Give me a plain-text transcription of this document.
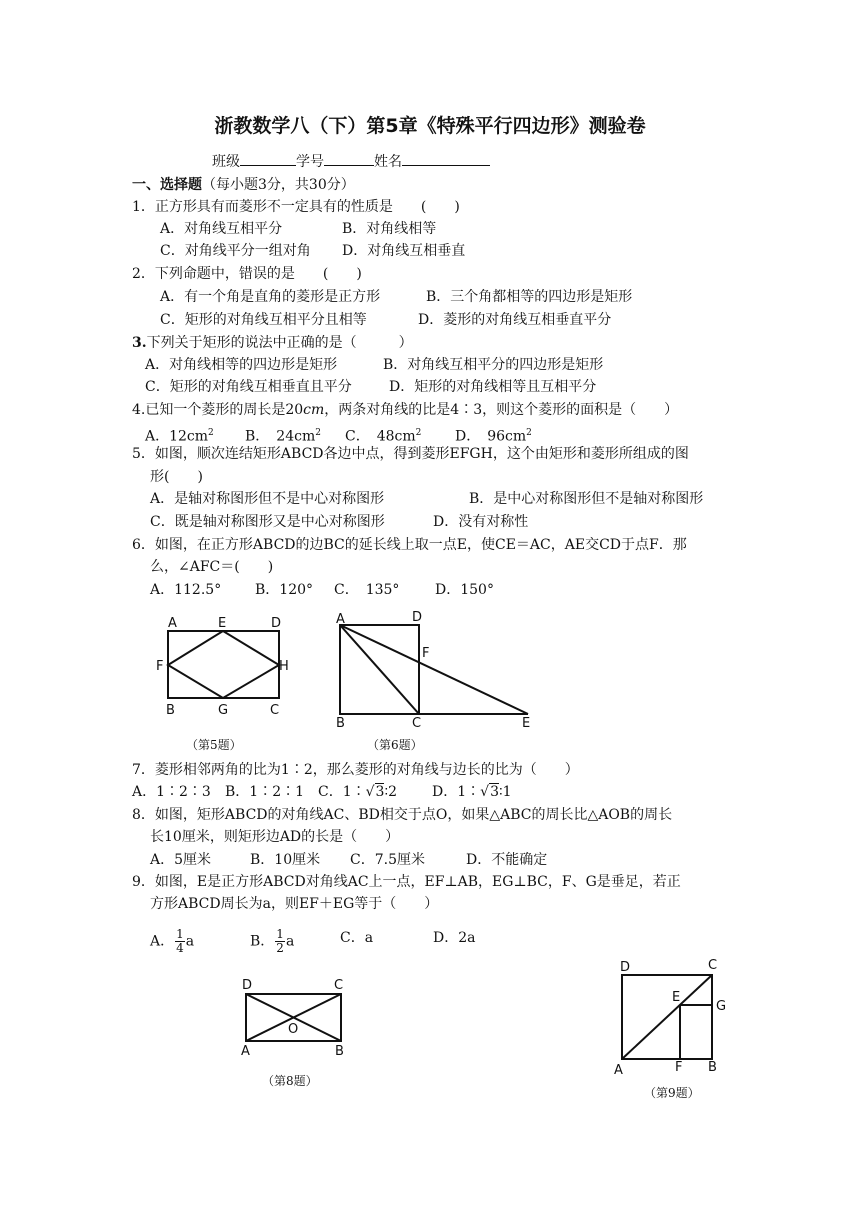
浙教数学八（下）第5章《特殊平行四边形》测验卷
班级	学号	姓名
一、选择题（每小题3分，共30分）
1．正方形具有而菱形不一定具有的性质是　　(　　)
A．对角线互相平分	B．对角线相等
C．对角线平分一组对角 D．对角线互相垂直
2．下列命题中，错误的是　　(　　)
A．有一个角是直角的菱形是正方形	B．三个角都相等的四边形是矩形
C．矩形的对角线互相平分且相等	D．菱形的对角线互相垂直平分
3.下列关于矩形的说法中正确的是（　　　）
A．对角线相等的四边形是矩形	B．对角线互相平分的四边形是矩形
C．矩形的对角线互相垂直且平分	D．矩形的对角线相等且互相平分
4.已知一个菱形的周长是20cm，两条对角线的比是4∶3，则这个菱形的面积是（　　）
A．$12cm^2$ B．　$24cm^2$ C．　$48cm^2$ D．　$96cm^2$
5．如图，顺次连结矩形ABCD各边中点，得到菱形EFGH，这个由矩形和菱形所组成的图
形(　　)
A．是轴对称图形但不是中心对称图形	B．是中心对称图形但不是轴对称图形
C．既是轴对称图形又是中心对称图形	D．没有对称性
6．如图，在正方形ABCD的边BC的延长线上取一点E，使CE＝AC，AE交CD于点F．那
么，∠AFC＝(　　)
A．112.5° B．120° C．　135°	D．150°
A	E	D
F	H
B	G	C
（第5题）
A	D
F
B	C	E
（第6题）
7．菱形相邻两角的比为1∶2，那么菱形的对角线与边长的比为（　　）
A．1∶2∶3 B．1∶2∶1 C．1∶√3∶2 D．1∶√3∶1
8．如图，矩形ABCD的对角线AC、BD相交于点O，如果△ABC的周长比△AOB的周长
长10厘米，则矩形边AD的长是（　　）
A．5厘米	B．10厘米 C．7.5厘米	D．不能确定
9．如图，E是正方形ABCD对角线AC上一点，EF⊥AB，EG⊥BC，F、G是垂足，若正
方形ABCD周长为a，则EF＋EG等于（　　）
A． $\frac{1}{4}$ a	B． $\frac{1}{2}$ a	C．a	D．2a
D	C
O
A	B
（第8题）
D	C
E
G
A	F B
（第9题）
